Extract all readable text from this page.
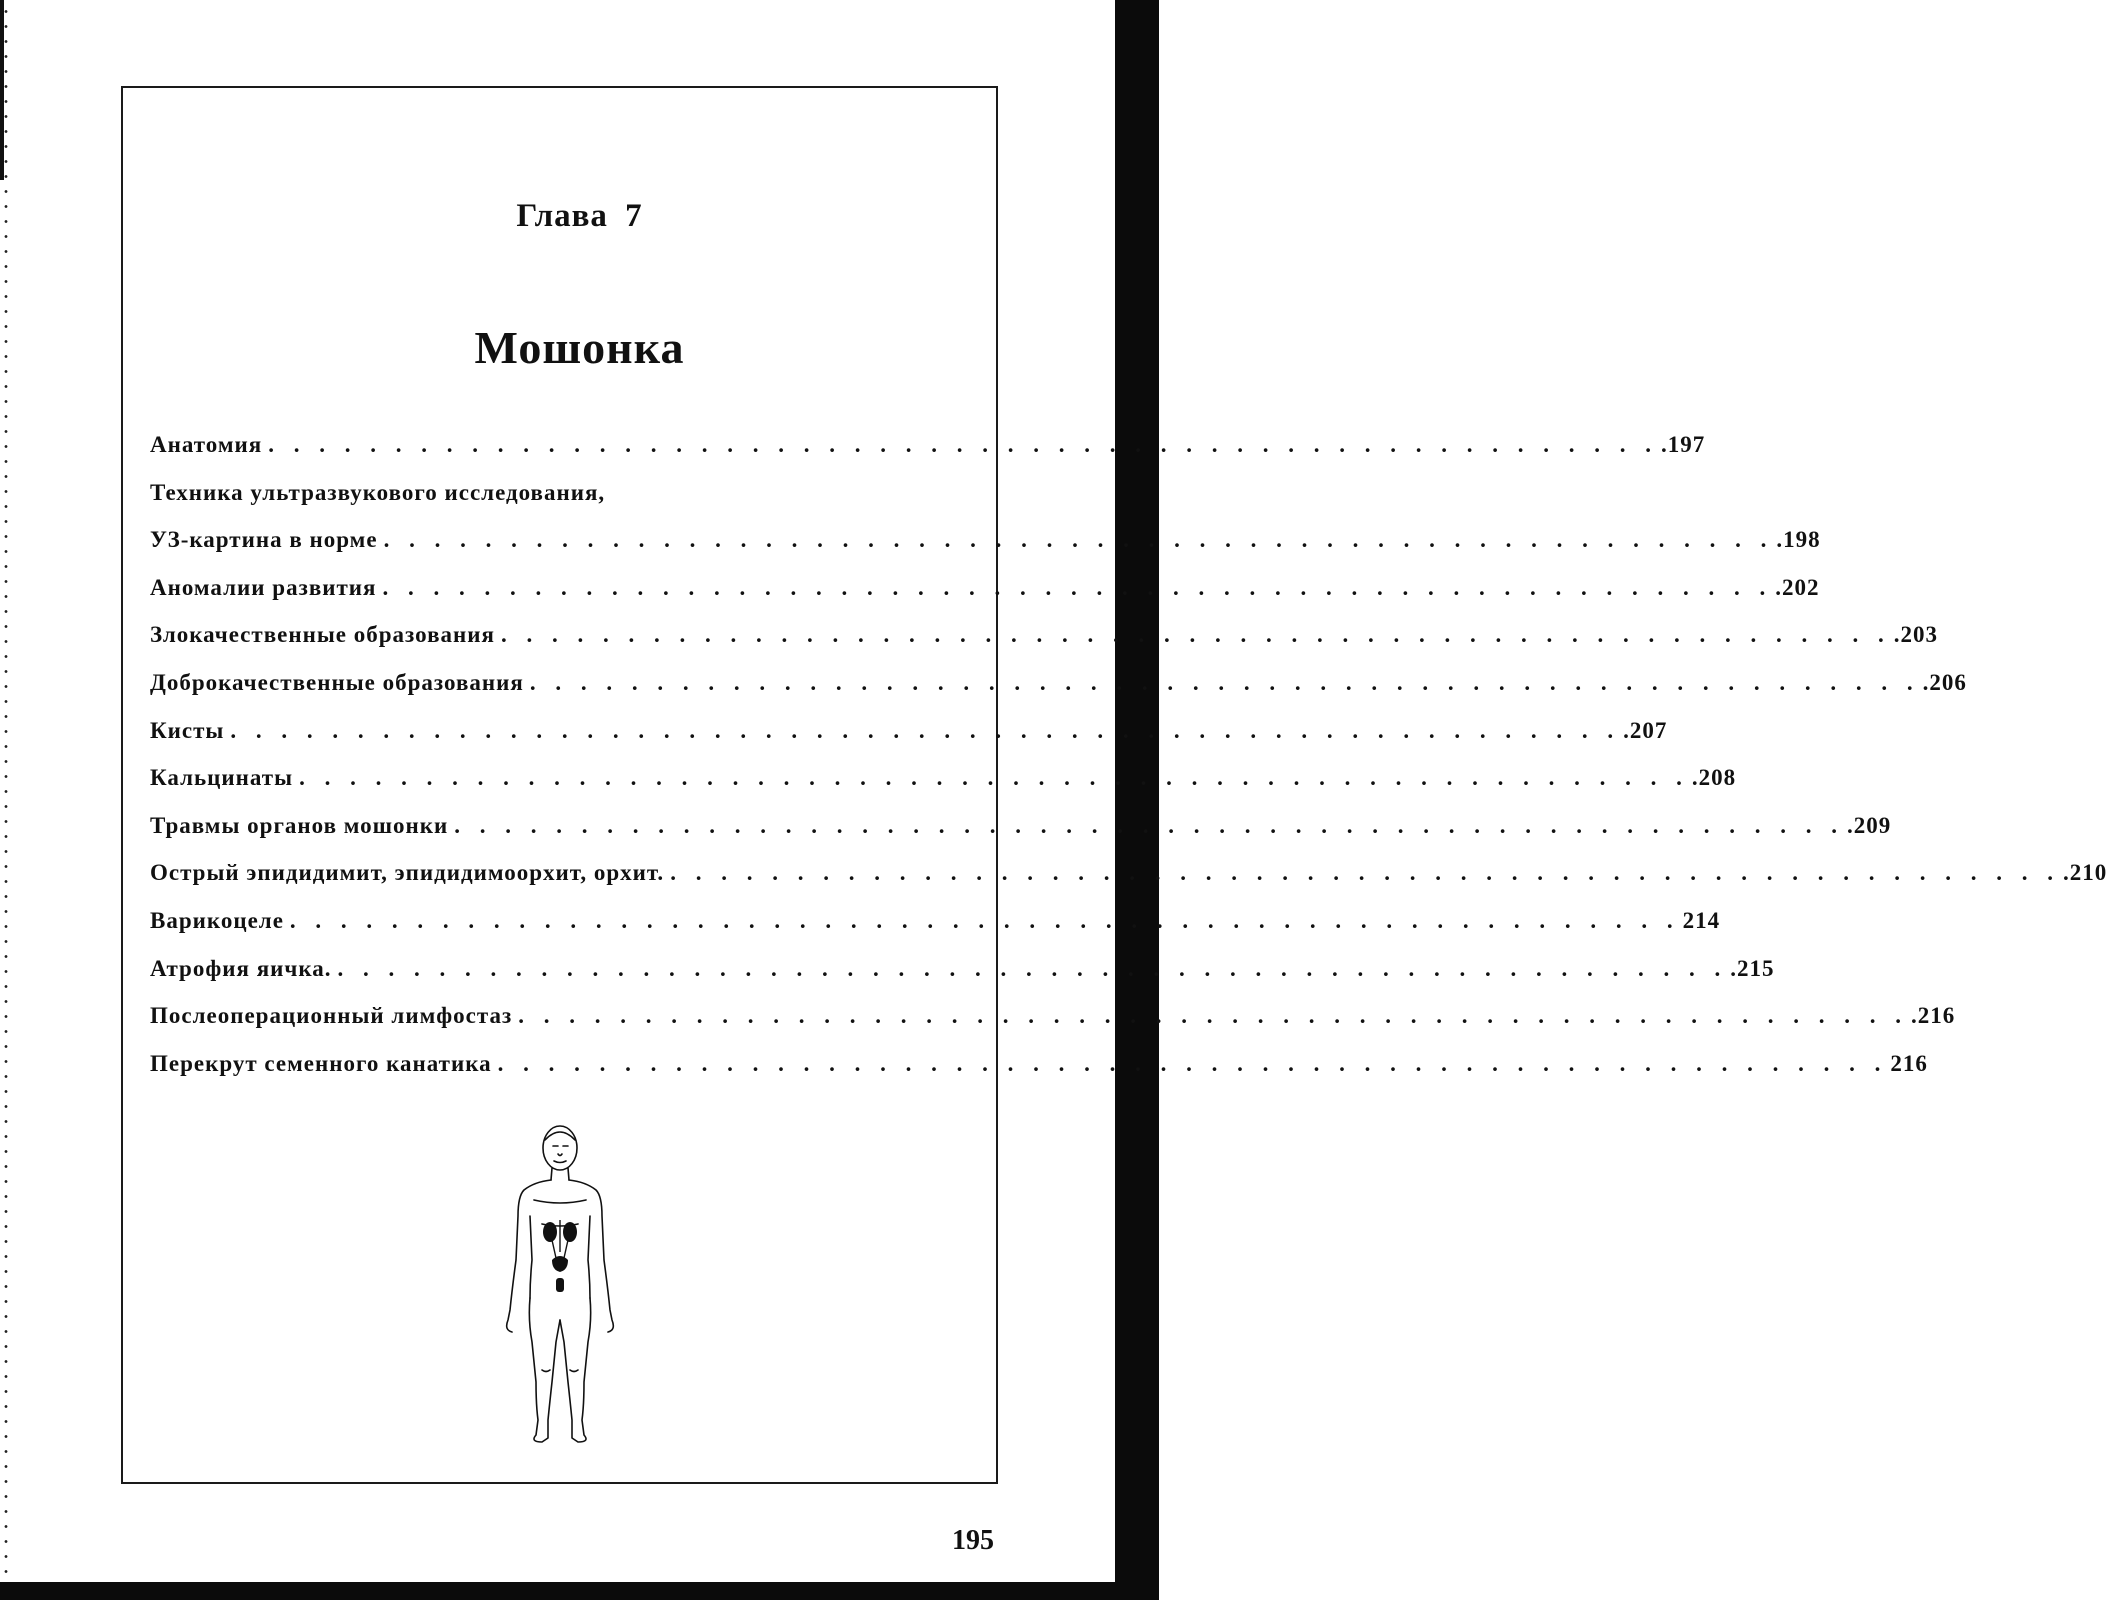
Глава 7
Мошонка
Анатомия . . . . . . . . . . . . . . . . . . . . . . . . . . . . . . . . . . . . . . . . . . . . . . . . . . . . . . . .197
Техника ультразвукового исследования,
УЗ-картина в норме . . . . . . . . . . . . . . . . . . . . . . . . . . . . . . . . . . . . . . . . . . . . . . . . . . . . . . . .198
Аномалии развития . . . . . . . . . . . . . . . . . . . . . . . . . . . . . . . . . . . . . . . . . . . . . . . . . . . . . . . .202
Злокачественные образования . . . . . . . . . . . . . . . . . . . . . . . . . . . . . . . . . . . . . . . . . . . . . . . . . . . . . . . .203
Доброкачественные образования . . . . . . . . . . . . . . . . . . . . . . . . . . . . . . . . . . . . . . . . . . . . . . . . . . . . . . . .206
Кисты . . . . . . . . . . . . . . . . . . . . . . . . . . . . . . . . . . . . . . . . . . . . . . . . . . . . . . . .207
Кальцинаты . . . . . . . . . . . . . . . . . . . . . . . . . . . . . . . . . . . . . . . . . . . . . . . . . . . . . . . .208
Травмы органов мошонки . . . . . . . . . . . . . . . . . . . . . . . . . . . . . . . . . . . . . . . . . . . . . . . . . . . . . . . .209
Острый эпидидимит, эпидидимоорхит, орхит. . . . . . . . . . . . . . . . . . . . . . . . . . . . . . . . . . . . . . . . . . . . . . . . . . . . . . . . .210
Варикоцеле . . . . . . . . . . . . . . . . . . . . . . . . . . . . . . . . . . . . . . . . . . . . . . . . . . . . . . . 214
Атрофия яичка. . . . . . . . . . . . . . . . . . . . . . . . . . . . . . . . . . . . . . . . . . . . . . . . . . . . . . . . .215
Послеоперационный лимфостаз . . . . . . . . . . . . . . . . . . . . . . . . . . . . . . . . . . . . . . . . . . . . . . . . . . . . . . . .216
Перекрут семенного канатика . . . . . . . . . . . . . . . . . . . . . . . . . . . . . . . . . . . . . . . . . . . . . . . . . . . . . . . 216
195
